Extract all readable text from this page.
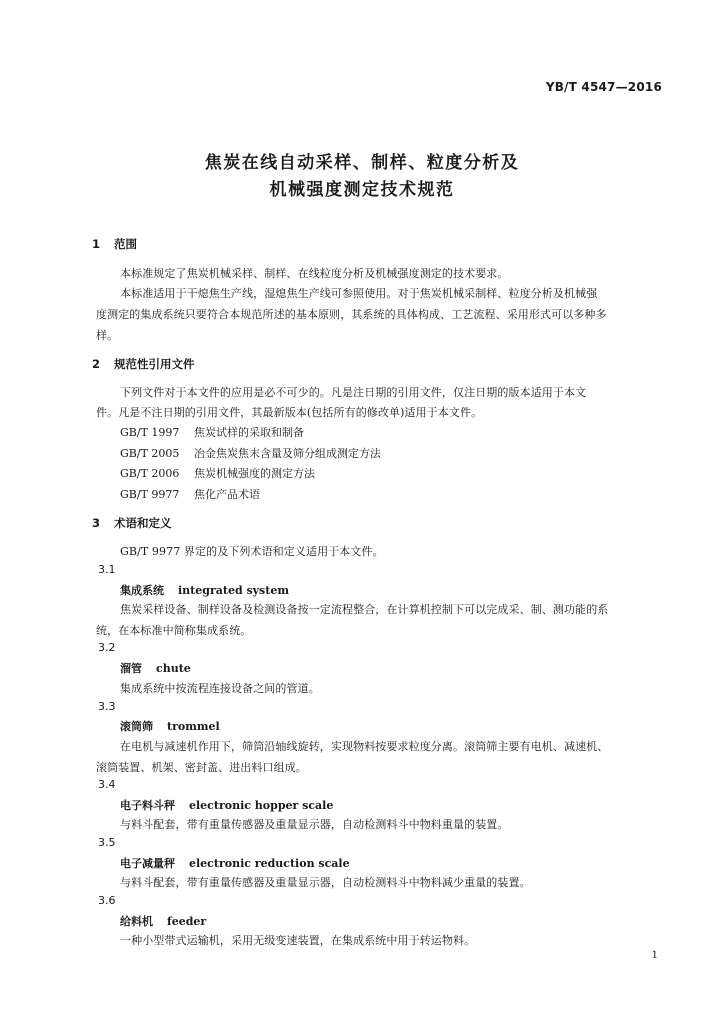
YB/T 4547—2016
焦炭在线自动采样、制样、粒度分析及
机械强度测定技术规范
1 范围
本标准规定了焦炭机械采样、制样、在线粒度分析及机械强度测定的技术要求。
本标准适用于干熄焦生产线，湿熄焦生产线可参照使用。对于焦炭机械采制样、粒度分析及机械强
度测定的集成系统只要符合本规范所述的基本原则，其系统的具体构成、工艺流程、采用形式可以多种多
样。
2 规范性引用文件
下列文件对于本文件的应用是必不可少的。凡是注日期的引用文件，仅注日期的版本适用于本文
件。凡是不注日期的引用文件，其最新版本(包括所有的修改单)适用于本文件。
GB/T 1997 焦炭试样的采取和制备
GB/T 2005 冶金焦炭焦末含量及筛分组成测定方法
GB/T 2006 焦炭机械强度的测定方法
GB/T 9977 焦化产品术语
3 术语和定义
GB/T 9977 界定的及下列术语和定义适用于本文件。
3.1
集成系统 integrated system
焦炭采样设备、制样设备及检测设备按一定流程整合，在计算机控制下可以完成采、制、测功能的系
统，在本标准中简称集成系统。
3.2
溜管 chute
集成系统中按流程连接设备之间的管道。
3.3
滚筒筛 trommel
在电机与减速机作用下，筛筒沿轴线旋转，实现物料按要求粒度分离。滚筒筛主要有电机、减速机、
滚筒装置、机架、密封盖、进出料口组成。
3.4
电子料斗秤 electronic hopper scale
与料斗配套，带有重量传感器及重量显示器，自动检测料斗中物料重量的装置。
3.5
电子减量秤 electronic reduction scale
与料斗配套，带有重量传感器及重量显示器，自动检测料斗中物料减少重量的装置。
3.6
给料机 feeder
一种小型带式运输机，采用无级变速装置，在集成系统中用于转运物料。
1
